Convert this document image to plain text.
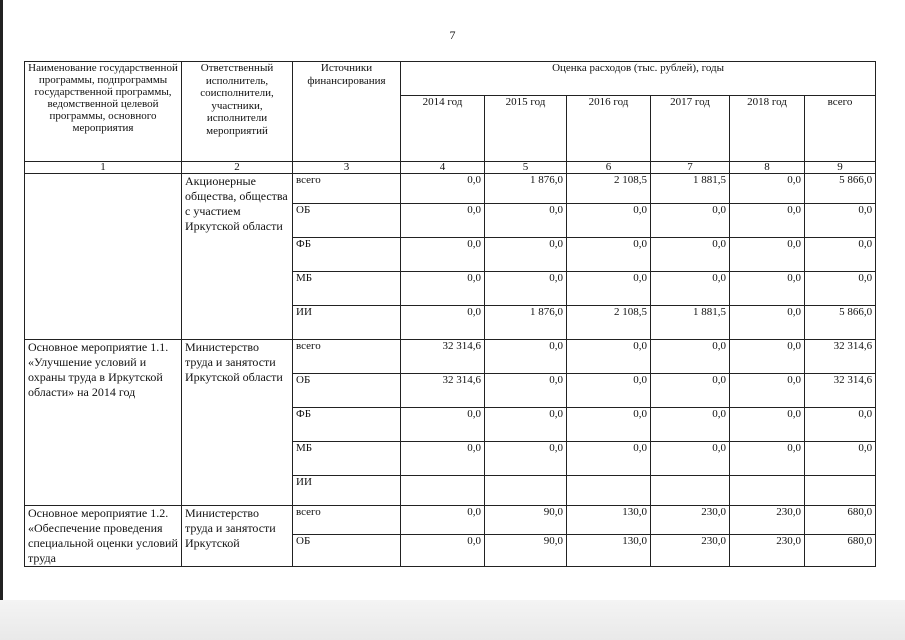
7
Наименование государственной программы, подпрограммы государственной программы, ведомственной целевой программы, основного мероприятия	Ответственный исполнитель, соисполнители, участники, исполнители мероприятий	Источники финансирования	Оценка расходов (тыс. рублей), годы					
			2014 год	2015 год	2016 год	2017 год	2018 год	всего
1	2	3	4	5	6	7	8	9
	Акционерные общества, общества с участием Иркутской области	всего	0,0	1 876,0	2 108,5	1 881,5	0,0	5 866,0
		ОБ	0,0	0,0	0,0	0,0	0,0	0,0
		ФБ	0,0	0,0	0,0	0,0	0,0	0,0
		МБ	0,0	0,0	0,0	0,0	0,0	0,0
		ИИ	0,0	1 876,0	2 108,5	1 881,5	0,0	5 866,0
Основное мероприятие 1.1. «Улучшение условий и охраны труда в Иркутской области» на 2014 год	Министерство труда и занятости Иркутской области	всего	32 314,6	0,0	0,0	0,0	0,0	32 314,6
		ОБ	32 314,6	0,0	0,0	0,0	0,0	32 314,6
		ФБ	0,0	0,0	0,0	0,0	0,0	0,0
		МБ	0,0	0,0	0,0	0,0	0,0	0,0
		ИИ						
Основное мероприятие 1.2. «Обеспечение проведения специальной оценки условий труда	Министерство труда и занятости Иркутской	всего	0,0	90,0	130,0	230,0	230,0	680,0
		ОБ	0,0	90,0	130,0	230,0	230,0	680,0
